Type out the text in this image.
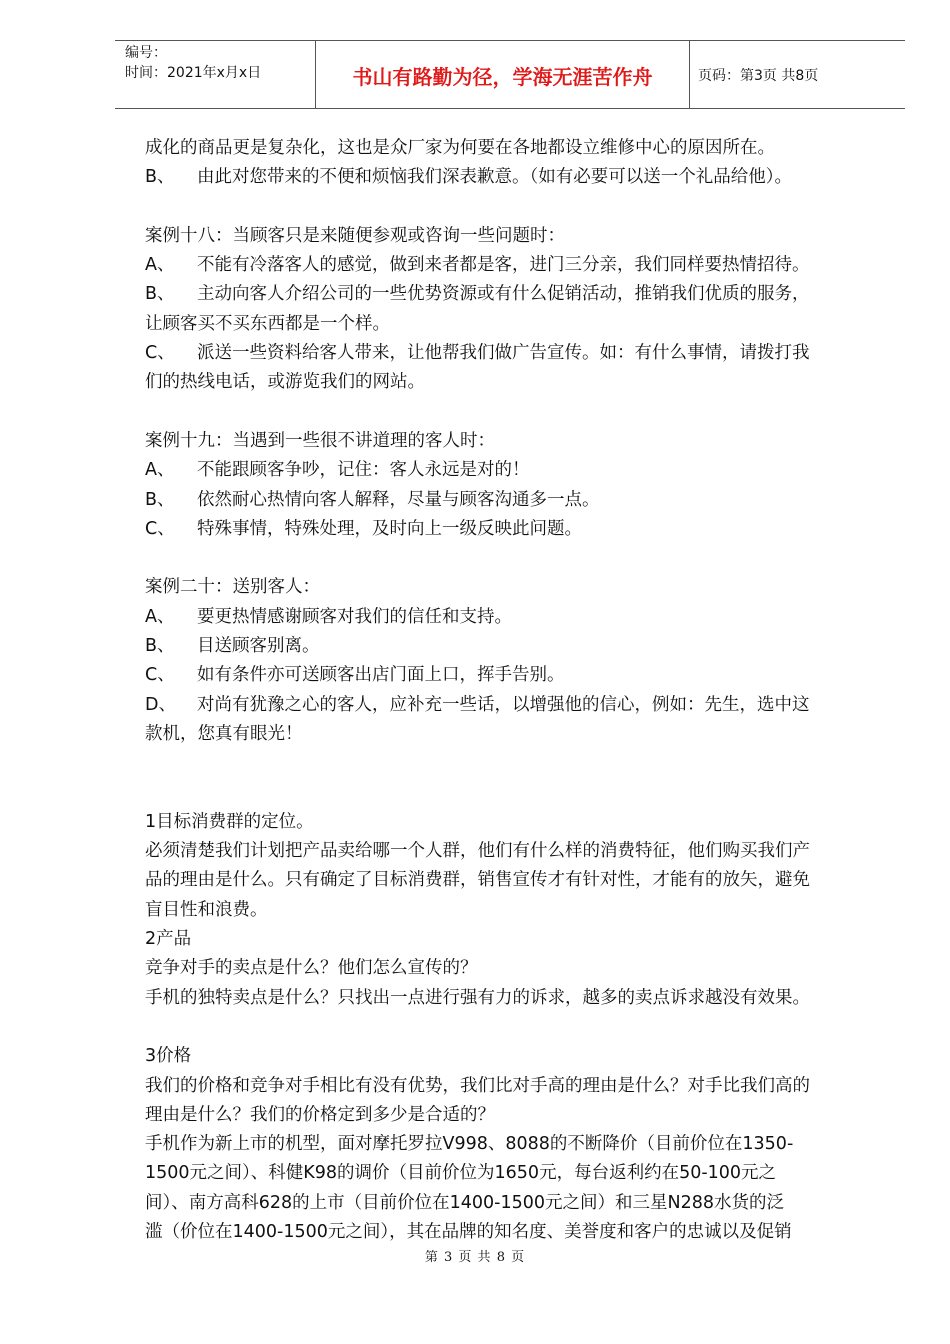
编号：
时间：2021年x月x日	书山有路勤为径，学海无涯苦作舟	页码：第3页 共8页
成化的商品更是复杂化，这也是众厂家为何要在各地都设立维修中心的原因所在。
B、	由此对您带来的不便和烦恼我们深表歉意。（如有必要可以送一个礼品给他）。
案例十八：当顾客只是来随便参观或咨询一些问题时：
A、	不能有冷落客人的感觉，做到来者都是客，进门三分亲，我们同样要热情招待。
B、	主动向客人介绍公司的一些优势资源或有什么促销活动，推销我们优质的服务，
让顾客买不买东西都是一个样。
C、	派送一些资料给客人带来，让他帮我们做广告宣传。如：有什么事情，请拨打我
们的热线电话，或游览我们的网站。
案例十九：当遇到一些很不讲道理的客人时：
A、	不能跟顾客争吵，记住：客人永远是对的！
B、	依然耐心热情向客人解释，尽量与顾客沟通多一点。
C、	特殊事情，特殊处理，及时向上一级反映此问题。
案例二十：送别客人：
A、	要更热情感谢顾客对我们的信任和支持。
B、	目送顾客别离。
C、	如有条件亦可送顾客出店门面上口，挥手告别。
D、	对尚有犹豫之心的客人，应补充一些话，以增强他的信心，例如：先生，选中这
款机，您真有眼光！
1目标消费群的定位。
必须清楚我们计划把产品卖给哪一个人群，他们有什么样的消费特征，他们购买我们产
品的理由是什么。只有确定了目标消费群，销售宣传才有针对性，才能有的放矢，避免
盲目性和浪费。
2产品
竞争对手的卖点是什么？他们怎么宣传的？
手机的独特卖点是什么？只找出一点进行强有力的诉求，越多的卖点诉求越没有效果。
3价格
我们的价格和竞争对手相比有没有优势，我们比对手高的理由是什么？对手比我们高的
理由是什么？我们的价格定到多少是合适的？
手机作为新上市的机型，面对摩托罗拉V998、8088的不断降价（目前价位在1350-
1500元之间）、科健K98的调价（目前价位为1650元，每台返利约在50-100元之
间）、南方高科628的上市（目前价位在1400-1500元之间）和三星N288水货的泛
滥（价位在1400-1500元之间），其在品牌的知名度、美誉度和客户的忠诚以及促销
第 3 页 共 8 页
